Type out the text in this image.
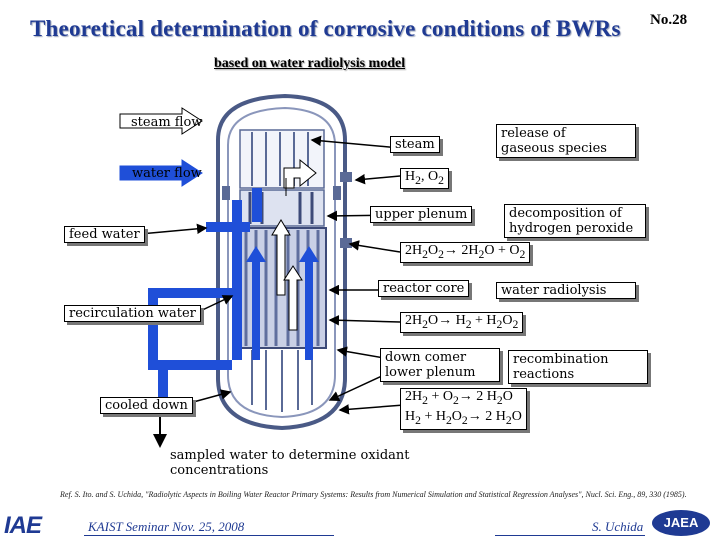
Theoretical determination of corrosive conditions of BWRs No.28
based on water radiolysis model
steam flow
water flow
feed water
recirculation water
cooled down
steam
release of
gaseous species
$H_2$, $O_2$
upper plenum	decomposition of
hydrogen peroxide
$2H_2O_2\to 2H_2O + O_2$
reactor core	water radiolysis
$2H_2O\to H_2 + H_2O_2$
down comer
lower plenum
recombination
reactions
$2H_2 + O_2\to 2$ $H_2O$
$H_2 + H_2O_2\to 2$ $H_2O$
sampled water to determine oxidant
concentrations
Ref. S. Ito. and S. Uchida, "Radiolytic Aspects in Boiling Water Reactor Primary Systems: Results from Numerical Simulation and Statistical Regression Analyses", Nucl. Sci. Eng., 89, 330 (1985).
IAE	KAIST Seminar Nov. 25, 2008	S. Uchida	JAEA
